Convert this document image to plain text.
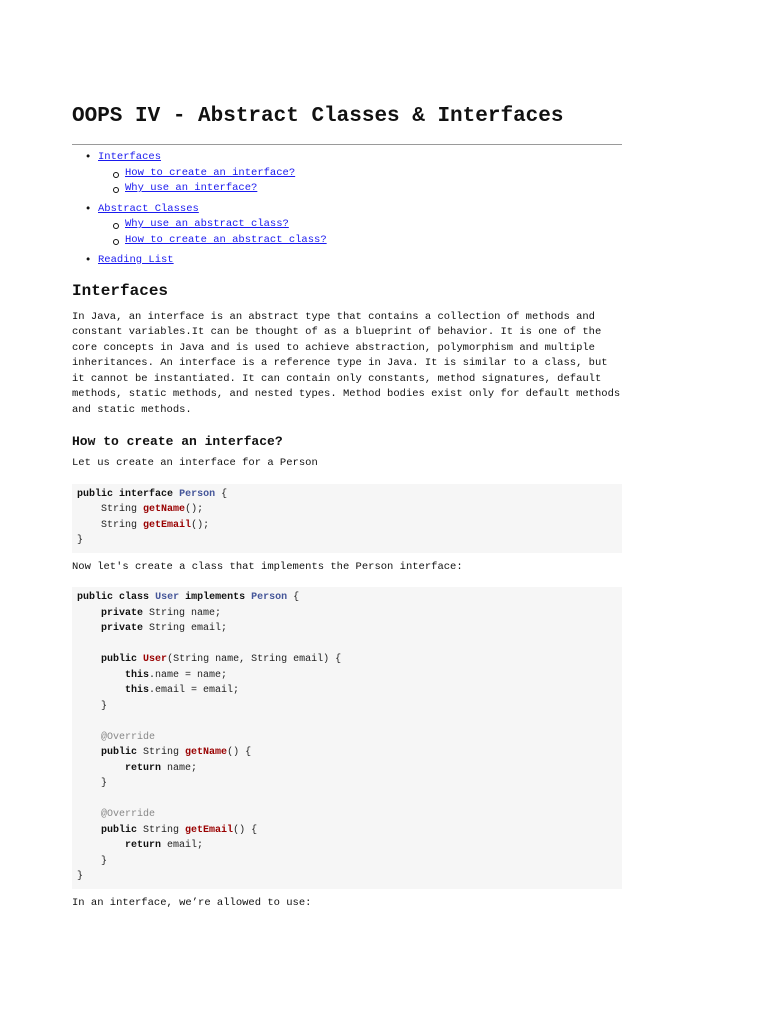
OOPS IV - Abstract Classes & Interfaces
• Interfaces
How to create an interface?
Why use an interface?
• Abstract Classes
Why use an abstract class?
How to create an abstract class?
• Reading List
Interfaces

In Java, an interface is an abstract type that contains a collection of methods and constant variables.It can be thought of as a blueprint of behavior. It is one of the core concepts in Java and is used to achieve abstraction, polymorphism and multiple inheritances. An interface is a reference type in Java. It is similar to a class, but it cannot be instantiated. It can contain only constants, method signatures, default methods, static methods, and nested types. Method bodies exist only for default methods and static methods.

How to create an interface?

Let us create an interface for a Person

public interface Person {
String getName();
String getEmail();
}

Now let's create a class that implements the Person interface:

public class User implements Person {
private String name;
private String email;

public User(String name, String email) {
this.name = name;
this.email = email;
}

@Override
public String getName() {
return name;
}

@Override
public String getEmail() {
return email;
}
}

In an interface, we’re allowed to use:
